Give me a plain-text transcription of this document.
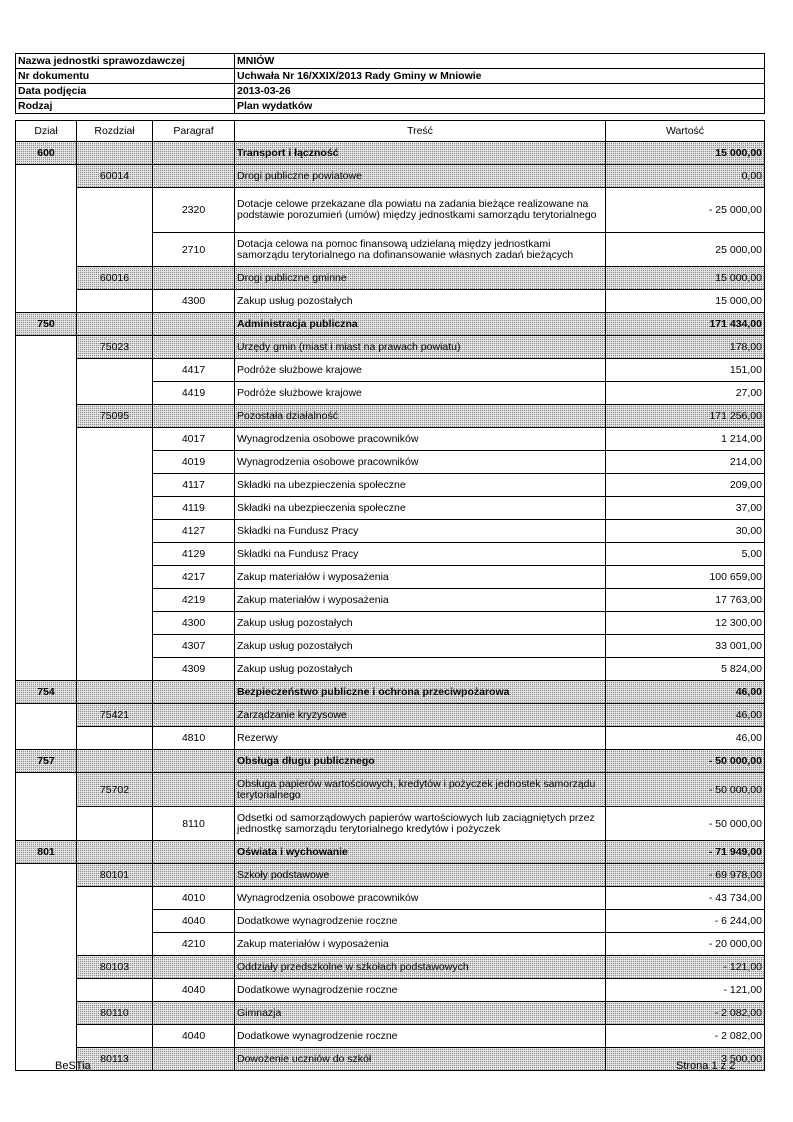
Nazwa jednostki sprawozdawczej	MNIÓW
Nr dokumentu	Uchwała Nr 16/XXIX/2013 Rady Gminy w Mniowie
Data podjęcia	2013-03-26
Rodzaj	Plan wydatków
Dział	Rozdział	Paragraf	Treść	Wartość
600			Transport i łączność	15 000,00
	60014		Drogi publiczne powiatowe	0,00
		2320	Dotacje celowe przekazane dla powiatu na zadania bieżące realizowane na podstawie porozumień (umów) między jednostkami samorządu terytorialnego	- 25 000,00
		2710	Dotacja celowa na pomoc finansową udzielaną między jednostkami samorządu terytorialnego na dofinansowanie własnych zadań bieżących	25 000,00
	60016		Drogi publiczne gminne	15 000,00
		4300	Zakup usług pozostałych	15 000,00
750			Administracja publiczna	171 434,00
	75023		Urzędy gmin (miast i miast na prawach powiatu)	178,00
		4417	Podróże służbowe krajowe	151,00
		4419	Podróże służbowe krajowe	27,00
	75095		Pozostała działalność	171 256,00
		4017	Wynagrodzenia osobowe pracowników	1 214,00
		4019	Wynagrodzenia osobowe pracowników	214,00
		4117	Składki na ubezpieczenia społeczne	209,00
		4119	Składki na ubezpieczenia społeczne	37,00
		4127	Składki na Fundusz Pracy	30,00
		4129	Składki na Fundusz Pracy	5,00
		4217	Zakup materiałów i wyposażenia	100 659,00
		4219	Zakup materiałów i wyposażenia	17 763,00
		4300	Zakup usług pozostałych	12 300,00
		4307	Zakup usług pozostałych	33 001,00
		4309	Zakup usług pozostałych	5 824,00
754			Bezpieczeństwo publiczne i ochrona przeciwpożarowa	46,00
	75421		Zarządzanie kryzysowe	46,00
		4810	Rezerwy	46,00
757			Obsługa długu publicznego	- 50 000,00
	75702		Obsługa papierów wartościowych, kredytów i pożyczek jednostek samorządu terytorialnego	- 50 000,00
		8110	Odsetki od samorządowych papierów wartościowych lub zaciągniętych przez jednostkę samorządu terytorialnego kredytów i pożyczek	- 50 000,00
801			Oświata i wychowanie	- 71 949,00
	80101		Szkoły podstawowe	- 69 978,00
		4010	Wynagrodzenia osobowe pracowników	- 43 734,00
		4040	Dodatkowe wynagrodzenie roczne	- 6 244,00
		4210	Zakup materiałów i wyposażenia	- 20 000,00
	80103		Oddziały przedszkolne w szkołach podstawowych	- 121,00
		4040	Dodatkowe wynagrodzenie roczne	- 121,00
	80110		Gimnazja	- 2 082,00
		4040	Dodatkowe wynagrodzenie roczne	- 2 082,00
	80113		Dowożenie uczniów do szkół	3 500,00
BeSTia	Strona 1 z 2
